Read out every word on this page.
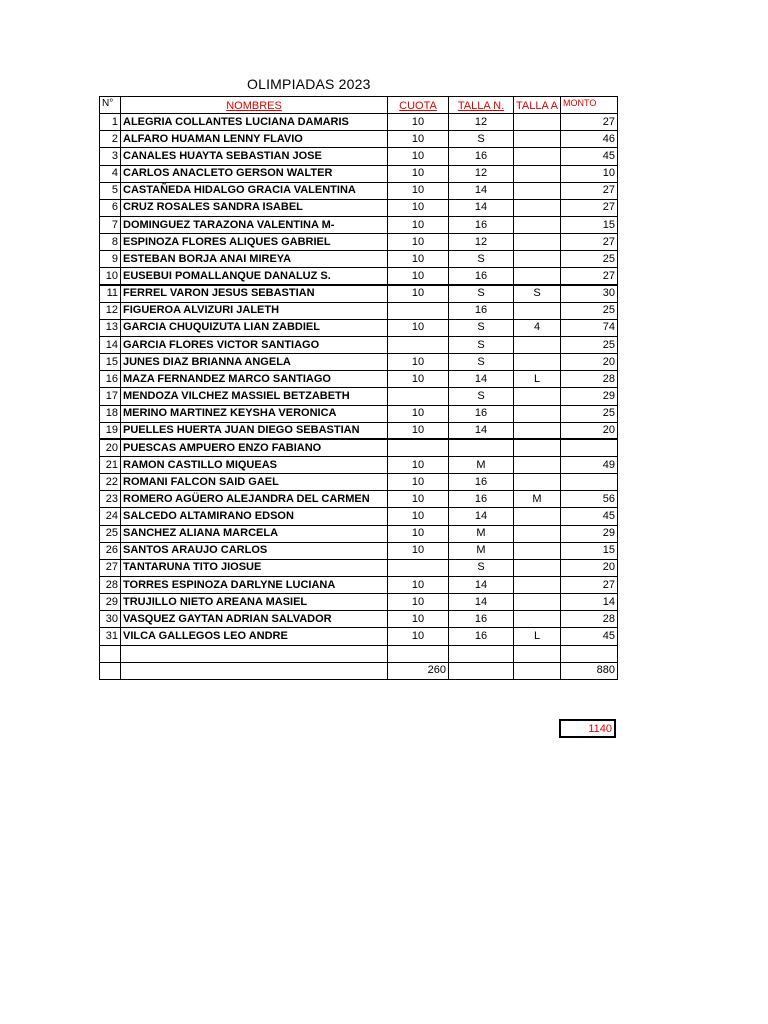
OLIMPIADAS 2023
N°	NOMBRES	CUOTA	TALLA N.	TALLA A	MONTO
1	ALEGRIA COLLANTES LUCIANA DAMARIS	10	12		27
2	ALFARO HUAMAN LENNY FLAVIO	10	S		46
3	CANALES HUAYTA SEBASTIAN JOSE	10	16		45
4	CARLOS ANACLETO GERSON WALTER	10	12		10
5	CASTAÑEDA HIDALGO GRACIA VALENTINA	10	14		27
6	CRUZ ROSALES SANDRA ISABEL	10	14		27
7	DOMINGUEZ TARAZONA VALENTINA M-	10	16		15
8	ESPINOZA FLORES ALIQUES GABRIEL	10	12		27
9	ESTEBAN BORJA ANAI MIREYA	10	S		25
10	EUSEBUI POMALLANQUE DANALUZ S.	10	16		27
11	FERREL VARON JESUS SEBASTIAN	10	S	S	30
12	FIGUEROA ALVIZURI JALETH		16		25
13	GARCIA CHUQUIZUTA LIAN ZABDIEL	10	S	4	74
14	GARCIA FLORES VICTOR SANTIAGO		S		25
15	JUNES DIAZ BRIANNA ANGELA	10	S		20
16	MAZA FERNANDEZ MARCO SANTIAGO	10	14	L	28
17	MENDOZA VILCHEZ MASSIEL BETZABETH		S		29
18	MERINO MARTINEZ KEYSHA VERONICA	10	16		25
19	PUELLES HUERTA JUAN DIEGO SEBASTIAN	10	14		20
20	PUESCAS AMPUERO ENZO FABIANO				
21	RAMON CASTILLO MIQUEAS	10	M		49
22	ROMANI FALCON SAID GAEL	10	16		
23	ROMERO AGÜERO ALEJANDRA DEL CARMEN	10	16	M	56
24	SALCEDO ALTAMIRANO EDSON	10	14		45
25	SANCHEZ ALIANA MARCELA	10	M		29
26	SANTOS ARAUJO CARLOS	10	M		15
27	TANTARUNA TITO JIOSUE		S		20
28	TORRES ESPINOZA DARLYNE LUCIANA	10	14		27
29	TRUJILLO NIETO AREANA MASIEL	10	14		14
30	VASQUEZ GAYTAN ADRIAN SALVADOR	10	16		28
31	VILCA GALLEGOS LEO ANDRE	10	16	L	45

		260			880
1140
